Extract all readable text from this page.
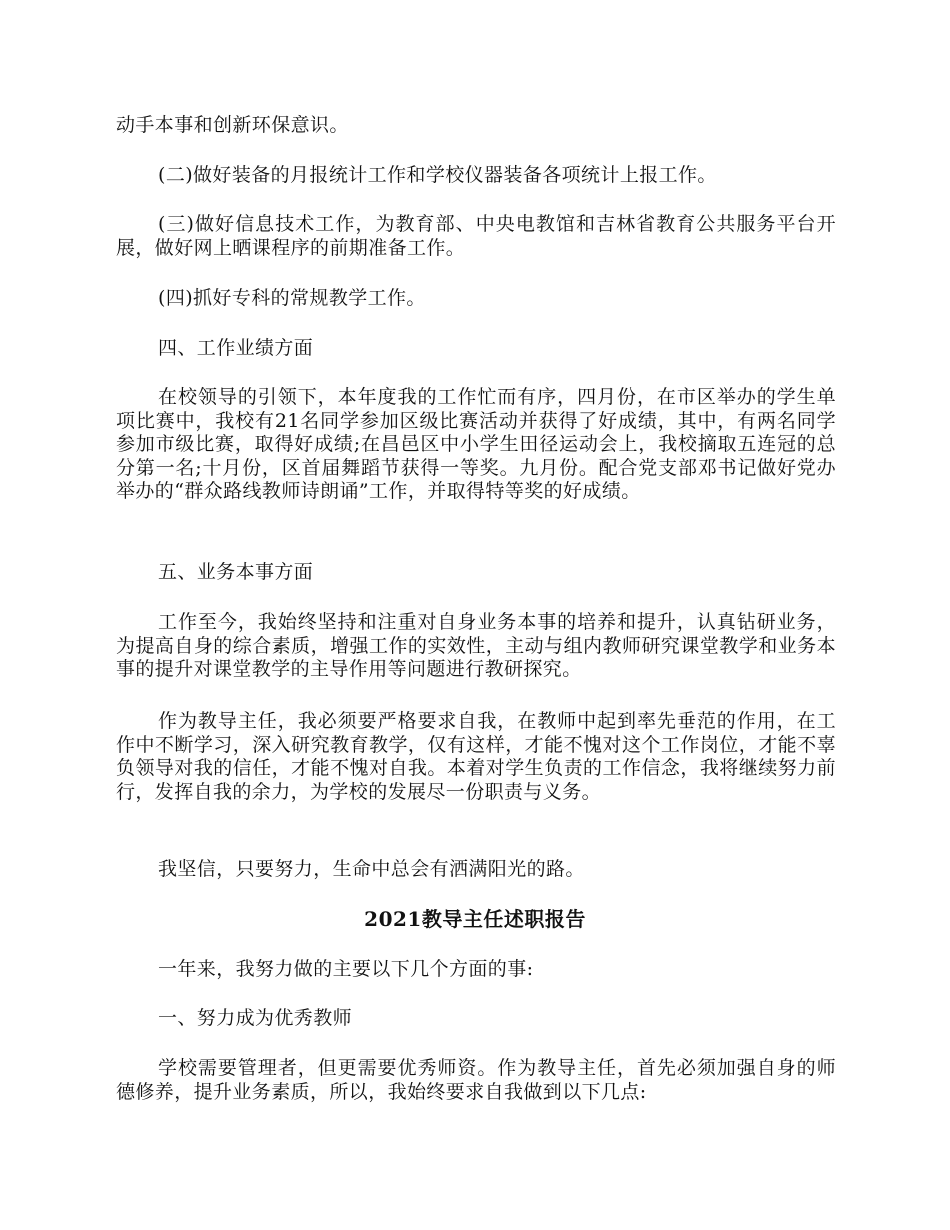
动手本事和创新环保意识。

(二)做好装备的月报统计工作和学校仪器装备各项统计上报工作。

(三)做好信息技术工作，为教育部、中央电教馆和吉林省教育公共服务平台开展，做好网上晒课程序的前期准备工作。

(四)抓好专科的常规教学工作。

四、工作业绩方面

在校领导的引领下，本年度我的工作忙而有序，四月份，在市区举办的学生单项比赛中，我校有21名同学参加区级比赛活动并获得了好成绩，其中，有两名同学参加市级比赛，取得好成绩;在昌邑区中小学生田径运动会上，我校摘取五连冠的总分第一名;十月份，区首届舞蹈节获得一等奖。九月份。配合党支部邓书记做好党办举办的“群众路线教师诗朗诵”工作，并取得特等奖的好成绩。

五、业务本事方面

工作至今，我始终坚持和注重对自身业务本事的培养和提升，认真钻研业务，为提高自身的综合素质，增强工作的实效性，主动与组内教师研究课堂教学和业务本事的提升对课堂教学的主导作用等问题进行教研探究。

作为教导主任，我必须要严格要求自我，在教师中起到率先垂范的作用，在工作中不断学习，深入研究教育教学，仅有这样，才能不愧对这个工作岗位，才能不辜负领导对我的信任，才能不愧对自我。本着对学生负责的工作信念，我将继续努力前行，发挥自我的余力，为学校的发展尽一份职责与义务。

我坚信，只要努力，生命中总会有洒满阳光的路。

2021教导主任述职报告

一年来，我努力做的主要以下几个方面的事:

一、努力成为优秀教师

学校需要管理者，但更需要优秀师资。作为教导主任，首先必须加强自身的师德修养，提升业务素质，所以，我始终要求自我做到以下几点:
